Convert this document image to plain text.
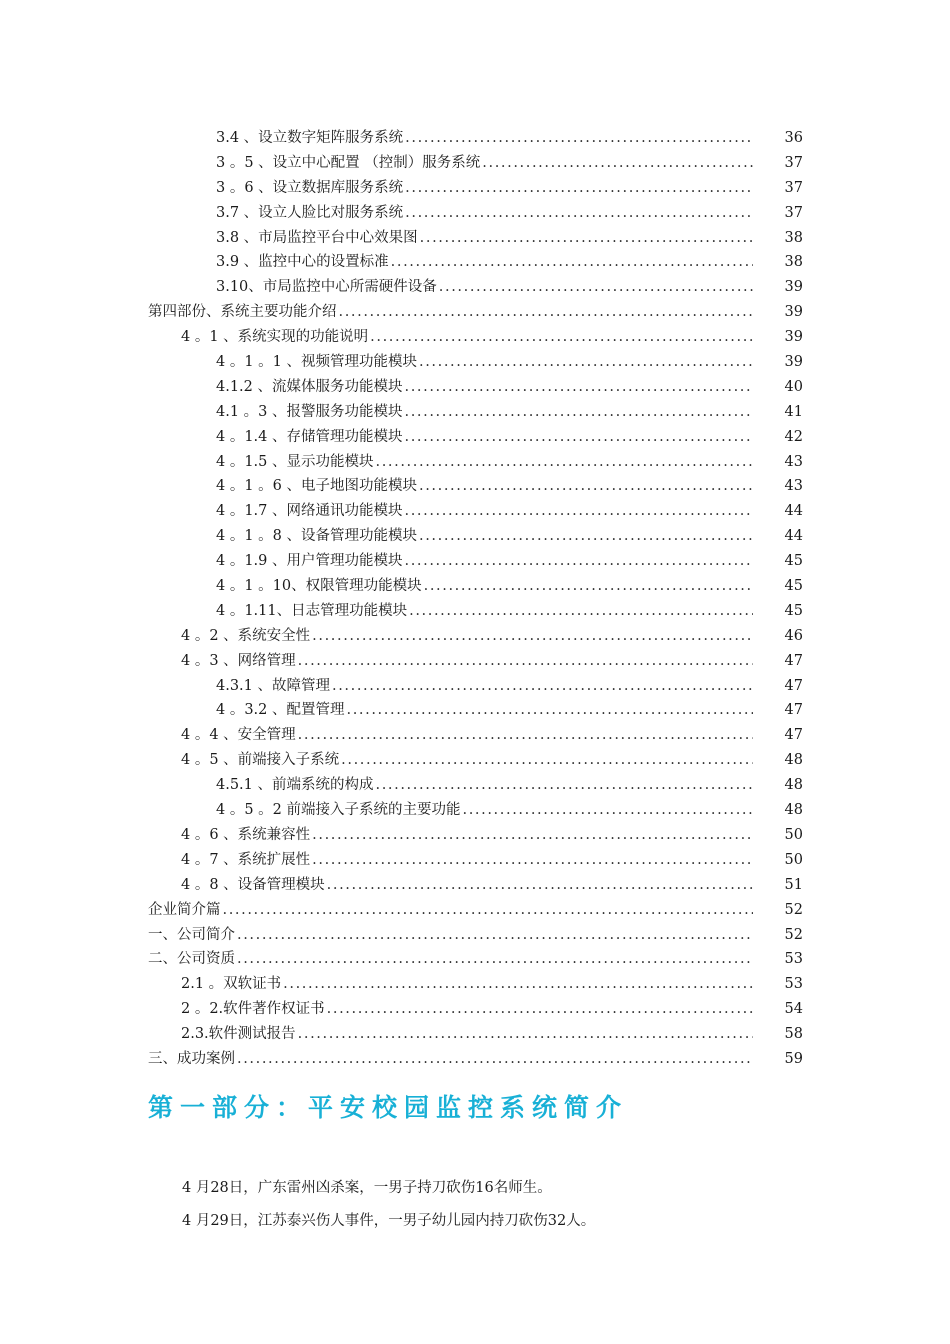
3.4 、设立数字矩阵服务系统 .....	36
3 。5 、设立中心配置 （控制）服务系统 .....	37
3 。6 、设立数据库服务系统 .....	37
3.7 、设立人脸比对服务系统 .....	37
3.8 、市局监控平台中心效果图 .....	38
3.9 、监控中心的设置标准 .....	38
3.10、市局监控中心所需硬件设备 .....	39
第四部份、系统主要功能介绍 .....	39
4 。1 、系统实现的功能说明 .....	39
4 。1 。1 、视频管理功能模块 .....	39
4.1.2 、流媒体服务功能模块 .....	40
4.1 。3 、报警服务功能模块 .....	41
4 。1.4 、存储管理功能模块 .....	42
4 。1.5 、显示功能模块 .....	43
4 。1 。6 、电子地图功能模块 .....	43
4 。1.7 、网络通讯功能模块 .....	44
4 。1 。8 、设备管理功能模块 .....	44
4 。1.9 、用户管理功能模块 .....	45
4 。1 。10、权限管理功能模块 .....	45
4 。1.11、日志管理功能模块 .....	45
4 。2 、系统安全性 .....	46
4 。3 、网络管理 .....	47
4.3.1 、故障管理 .....	47
4 。3.2 、配置管理 .....	47
4 。4 、安全管理 .....	47
4 。5 、前端接入子系统 .....	48
4.5.1 、前端系统的构成 .....	48
4 。5 。2 前端接入子系统的主要功能 .....	48
4 。6 、系统兼容性 .....	50
4 。7 、系统扩展性 .....	50
4 。8 、设备管理模块 .....	51
企业简介篇 .....	52
一、公司简介 .....	52
二、公司资质 .....	53
2.1 。双软证书 .....	53
2 。2.软件著作权证书 .....	54
2.3.软件测试报告 .....	58
三、成功案例 .....	59
第一部分：平安校园监控系统简介
4 月28日，广东雷州凶杀案，一男子持刀砍伤16名师生。
4 月29日，江苏泰兴伤人事件，一男子幼儿园内持刀砍伤32人。
